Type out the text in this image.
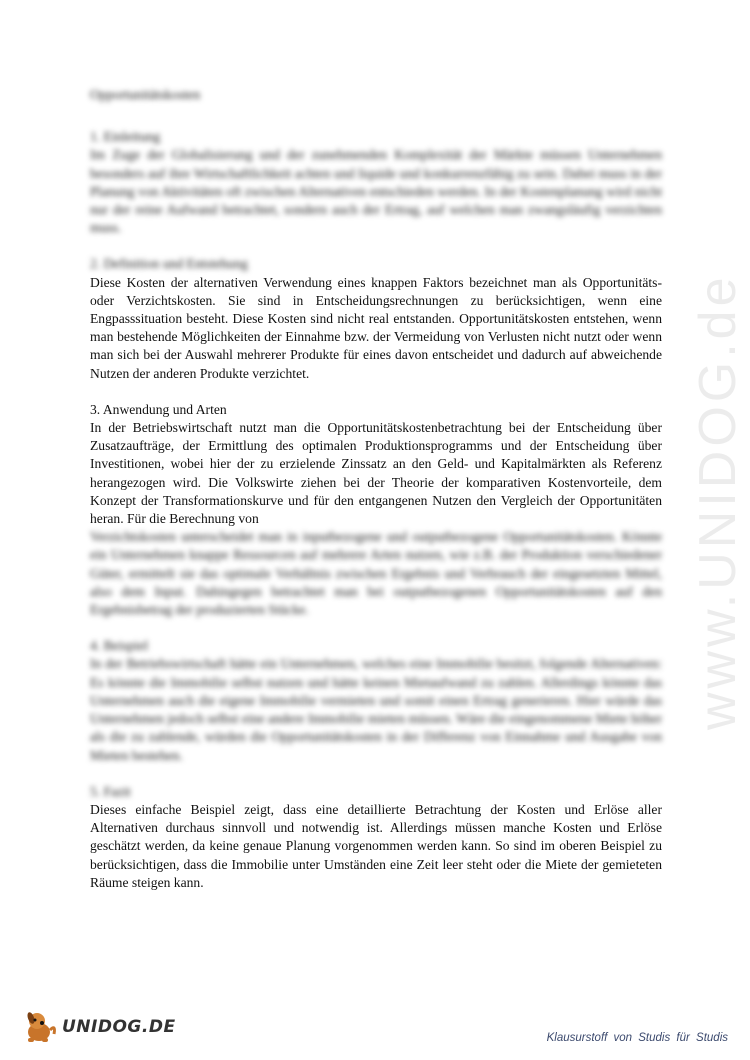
www.UNIDOG.de
Opportunitätskosten
1. Einleitung

Im Zuge der Globalisierung und der zunehmenden Komplexität der Märkte müssen Unternehmen besonders auf ihre Wirtschaftlichkeit achten und liquide und konkurrenzfähig zu sein. Dabei muss in der Planung von Aktivitäten oft zwischen Alternativen entschieden werden. In der Kostenplanung wird nicht nur der reine Aufwand betrachtet, sondern auch der Ertrag, auf welchen man zwangsläufig verzichten muss.

2. Definition und Entstehung

Diese Kosten der alternativen Verwendung eines knappen Faktors bezeichnet man als Opportunitäts- oder Verzichtskosten. Sie sind in Entscheidungsrechnungen zu berücksichtigen, wenn eine Engpasssituation besteht. Diese Kosten sind nicht real entstanden. Opportunitätskosten entstehen, wenn man bestehende Möglichkeiten der Einnahme bzw. der Vermeidung von Verlusten nicht nutzt oder wenn man sich bei der Auswahl mehrerer Produkte für eines davon entscheidet und dadurch auf abweichende Nutzen der anderen Produkte verzichtet.

3. Anwendung und Arten

In der Betriebswirtschaft nutzt man die Opportunitätskostenbetrachtung bei der Entscheidung über Zusatzaufträge, der Ermittlung des optimalen Produktionsprogramms und der Entscheidung über Investitionen, wobei hier der zu erzielende Zinssatz an den Geld- und Kapitalmärkten als Referenz herangezogen wird. Die Volkswirte ziehen bei der Theorie der komparativen Kostenvorteile, dem Konzept der Transformationskurve und für den entgangenen Nutzen den Vergleich der Opportunitäten heran. Für die Berechnung von

Verzichtskosten unterscheidet man in inputbezogene und outputbezogene Opportunitätskosten. Könnte ein Unternehmen knappe Ressourcen auf mehrere Arten nutzen, wie z.B. der Produktion verschiedener Güter, ermittelt sie das optimale Verhältnis zwischen Ergebnis und Verbrauch der eingesetzten Mittel, also dem Input. Dahingegen betrachtet man bei outputbezogenen Opportunitätskosten auf den Ergebnisbetrag der produzierten Stücke.

4. Beispiel

In der Betriebswirtschaft hätte ein Unternehmen, welches eine Immobilie besitzt, folgende Alternativen: Es könnte die Immobilie selbst nutzen und hätte keinen Mietaufwand zu zahlen. Allerdings könnte das Unternehmen auch die eigene Immobilie vermieten und somit einen Ertrag generieren. Hier würde das Unternehmen jedoch selbst eine andere Immobilie mieten müssen. Wäre die eingenommene Miete höher als die zu zahlende, würden die Opportunitätskosten in der Differenz von Einnahme und Ausgabe von Mieten bestehen.

5. Fazit

Dieses einfache Beispiel zeigt, dass eine detaillierte Betrachtung der Kosten und Erlöse aller Alternativen durchaus sinnvoll und notwendig ist. Allerdings müssen manche Kosten und Erlöse geschätzt werden, da keine genaue Planung vorgenommen werden kann. So sind im oberen Beispiel zu berücksichtigen, dass die Immobilie unter Umständen eine Zeit leer steht oder die Miete der gemieteten Räume steigen kann.

UNIDOG.DE
Klausurstoff von Studis für Studis
